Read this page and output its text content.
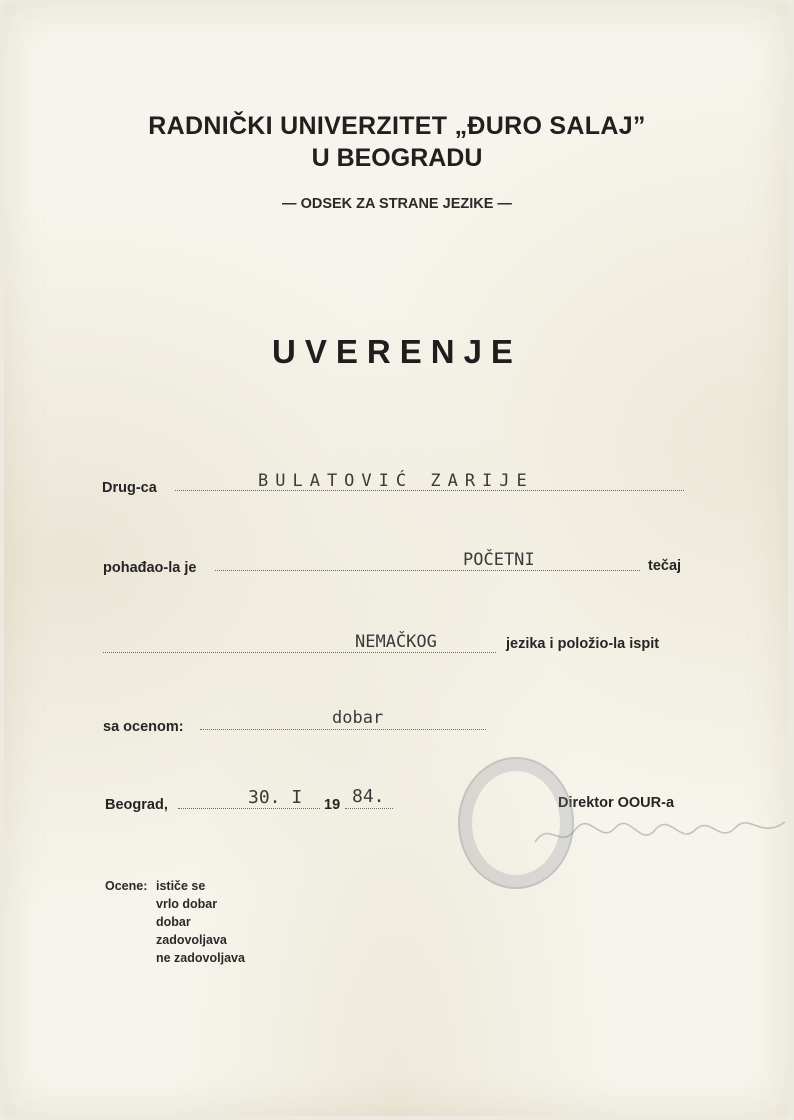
RADNIČKI UNIVERZITET „ĐURO SALAJ”
U BEOGRADU
— ODSEK ZA STRANE JEZIKE —
UVERENJE
Drug-ca	BULATOVIĆ ZARIJE
pohađao-la je	POČETNI	tečaj
NEMAČKOG	jezika i položio-la ispit
sa ocenom:	dobar
Beograd,	30. I 19 84.	Direktor OOUR-a
Ocene: ističe se
vrlo dobar
dobar
zadovoljava
ne zadovoljava
